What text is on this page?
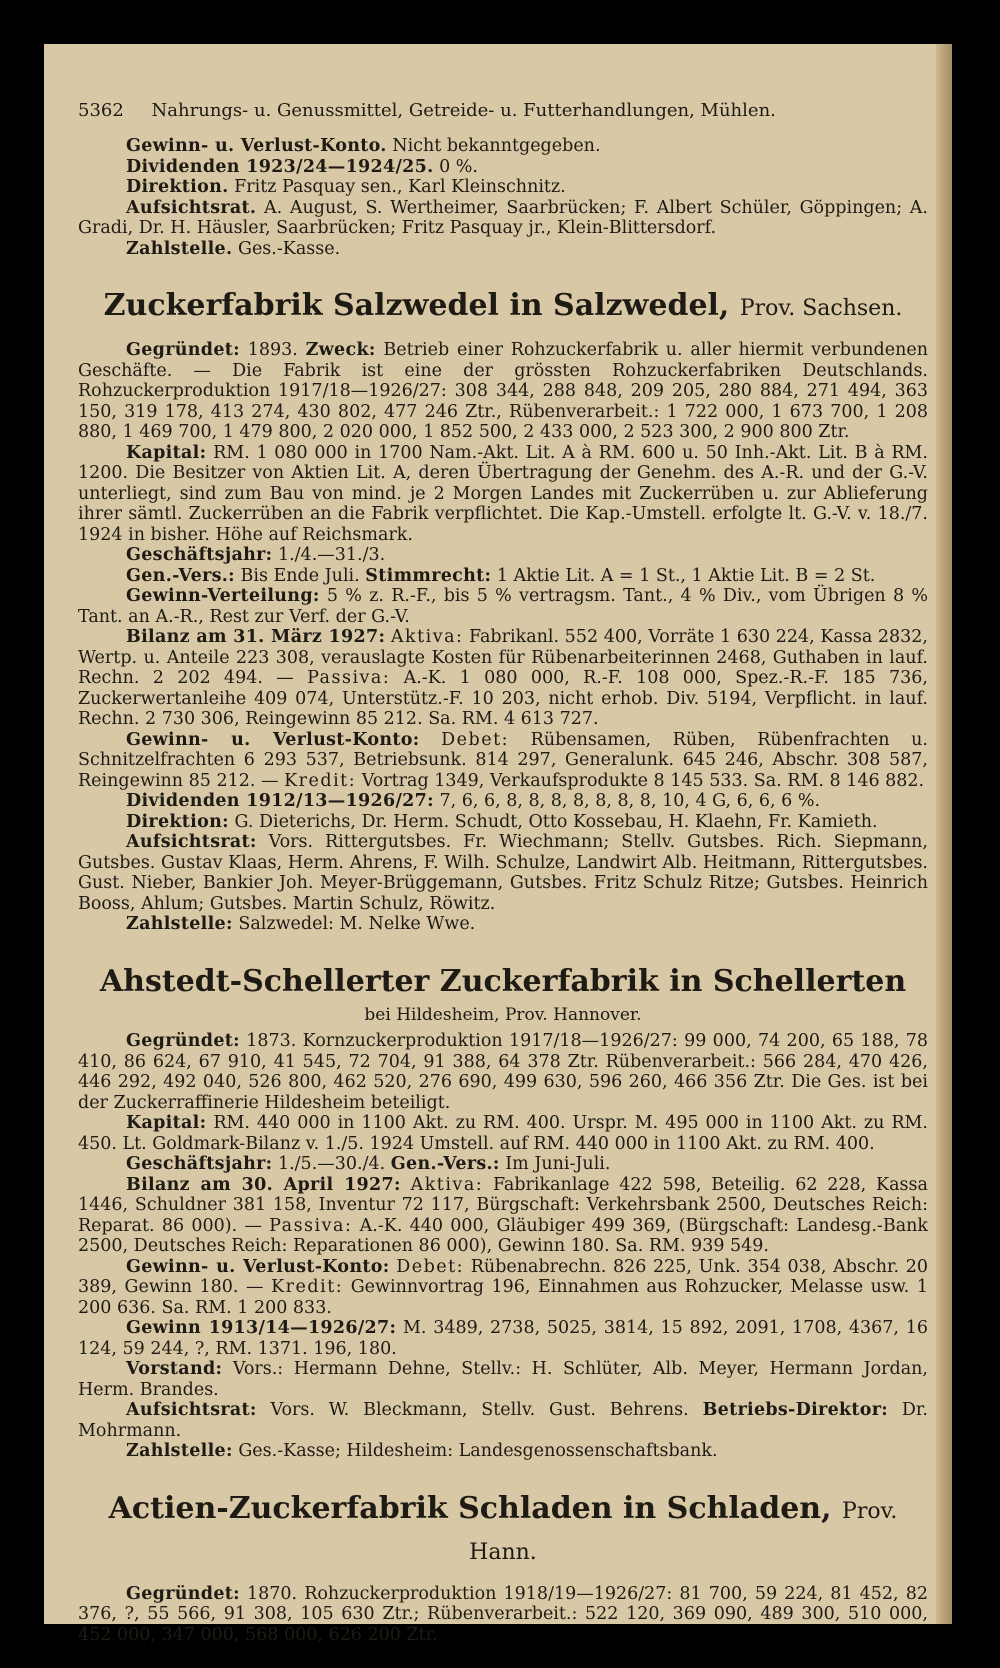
5362 Nahrungs- u. Genussmittel, Getreide- u. Futterhandlungen, Mühlen.

Gewinn- u. Verlust-Konto. Nicht bekanntgegeben.

Dividenden 1923/24—1924/25. 0 %.

Direktion. Fritz Pasquay sen., Karl Kleinschnitz.

Aufsichtsrat. A. August, S. Wertheimer, Saarbrücken; F. Albert Schüler, Göppingen; A. Gradi, Dr. H. Häusler, Saarbrücken; Fritz Pasquay jr., Klein-Blittersdorf.

Zahlstelle. Ges.-Kasse.

Zuckerfabrik Salzwedel in Salzwedel, Prov. Sachsen.

Gegründet: 1893. Zweck: Betrieb einer Rohzuckerfabrik u. aller hiermit verbundenen Geschäfte. — Die Fabrik ist eine der grössten Rohzuckerfabriken Deutschlands. Rohzuckerproduktion 1917/18—1926/27: 308 344, 288 848, 209 205, 280 884, 271 494, 363 150, 319 178, 413 274, 430 802, 477 246 Ztr., Rübenverarbeit.: 1 722 000, 1 673 700, 1 208 880, 1 469 700, 1 479 800, 2 020 000, 1 852 500, 2 433 000, 2 523 300, 2 900 800 Ztr.

Kapital: RM. 1 080 000 in 1700 Nam.-Akt. Lit. A à RM. 600 u. 50 Inh.-Akt. Lit. B à RM. 1200. Die Besitzer von Aktien Lit. A, deren Übertragung der Genehm. des A.-R. und der G.-V. unterliegt, sind zum Bau von mind. je 2 Morgen Landes mit Zuckerrüben u. zur Ablieferung ihrer sämtl. Zuckerrüben an die Fabrik verpflichtet. Die Kap.-Umstell. erfolgte lt. G.-V. v. 18./7. 1924 in bisher. Höhe auf Reichsmark.

Geschäftsjahr: 1./4.—31./3.

Gen.-Vers.: Bis Ende Juli. Stimmrecht: 1 Aktie Lit. A = 1 St., 1 Aktie Lit. B = 2 St.

Gewinn-Verteilung: 5 % z. R.-F., bis 5 % vertragsm. Tant., 4 % Div., vom Übrigen 8 % Tant. an A.-R., Rest zur Verf. der G.-V.

Bilanz am 31. März 1927: Aktiva: Fabrikanl. 552 400, Vorräte 1 630 224, Kassa 2832, Wertp. u. Anteile 223 308, verauslagte Kosten für Rübenarbeiterinnen 2468, Guthaben in lauf. Rechn. 2 202 494. — Passiva: A.-K. 1 080 000, R.-F. 108 000, Spez.-R.-F. 185 736, Zuckerwertanleihe 409 074, Unterstütz.-F. 10 203, nicht erhob. Div. 5194, Verpflicht. in lauf. Rechn. 2 730 306, Reingewinn 85 212. Sa. RM. 4 613 727.

Gewinn- u. Verlust-Konto: Debet: Rübensamen, Rüben, Rübenfrachten u. Schnitzelfrachten 6 293 537, Betriebsunk. 814 297, Generalunk. 645 246, Abschr. 308 587, Reingewinn 85 212. — Kredit: Vortrag 1349, Verkaufsprodukte 8 145 533. Sa. RM. 8 146 882.

Dividenden 1912/13—1926/27: 7, 6, 6, 8, 8, 8, 8, 8, 8, 8, 10, 4 G, 6, 6, 6 %.

Direktion: G. Dieterichs, Dr. Herm. Schudt, Otto Kossebau, H. Klaehn, Fr. Kamieth.

Aufsichtsrat: Vors. Rittergutsbes. Fr. Wiechmann; Stellv. Gutsbes. Rich. Siepmann, Gutsbes. Gustav Klaas, Herm. Ahrens, F. Wilh. Schulze, Landwirt Alb. Heitmann, Rittergutsbes. Gust. Nieber, Bankier Joh. Meyer-Brüggemann, Gutsbes. Fritz Schulz Ritze; Gutsbes. Heinrich Booss, Ahlum; Gutsbes. Martin Schulz, Röwitz.

Zahlstelle: Salzwedel: M. Nelke Wwe.

Ahstedt-Schellerter Zuckerfabrik in Schellerten
bei Hildesheim, Prov. Hannover.

Gegründet: 1873. Kornzuckerproduktion 1917/18—1926/27: 99 000, 74 200, 65 188, 78 410, 86 624, 67 910, 41 545, 72 704, 91 388, 64 378 Ztr. Rübenverarbeit.: 566 284, 470 426, 446 292, 492 040, 526 800, 462 520, 276 690, 499 630, 596 260, 466 356 Ztr. Die Ges. ist bei der Zuckerraffinerie Hildesheim beteiligt.

Kapital: RM. 440 000 in 1100 Akt. zu RM. 400. Urspr. M. 495 000 in 1100 Akt. zu RM. 450. Lt. Goldmark-Bilanz v. 1./5. 1924 Umstell. auf RM. 440 000 in 1100 Akt. zu RM. 400.

Geschäftsjahr: 1./5.—30./4. Gen.-Vers.: Im Juni-Juli.

Bilanz am 30. April 1927: Aktiva: Fabrikanlage 422 598, Beteilig. 62 228, Kassa 1446, Schuldner 381 158, Inventur 72 117, Bürgschaft: Verkehrsbank 2500, Deutsches Reich: Reparat. 86 000). — Passiva: A.-K. 440 000, Gläubiger 499 369, (Bürgschaft: Landesg.-Bank 2500, Deutsches Reich: Reparationen 86 000), Gewinn 180. Sa. RM. 939 549.

Gewinn- u. Verlust-Konto: Debet: Rübenabrechn. 826 225, Unk. 354 038, Abschr. 20 389, Gewinn 180. — Kredit: Gewinnvortrag 196, Einnahmen aus Rohzucker, Melasse usw. 1 200 636. Sa. RM. 1 200 833.

Gewinn 1913/14—1926/27: M. 3489, 2738, 5025, 3814, 15 892, 2091, 1708, 4367, 16 124, 59 244, ?, RM. 1371. 196, 180.

Vorstand: Vors.: Hermann Dehne, Stellv.: H. Schlüter, Alb. Meyer, Hermann Jordan, Herm. Brandes.

Aufsichtsrat: Vors. W. Bleckmann, Stellv. Gust. Behrens. Betriebs-Direktor: Dr. Mohrmann.

Zahlstelle: Ges.-Kasse; Hildesheim: Landesgenossenschaftsbank.

Actien-Zuckerfabrik Schladen in Schladen, Prov. Hann.

Gegründet: 1870. Rohzuckerproduktion 1918/19—1926/27: 81 700, 59 224, 81 452, 82 376, ?, 55 566, 91 308, 105 630 Ztr.; Rübenverarbeit.: 522 120, 369 090, 489 300, 510 000, 452 000, 347 000, 568 000, 626 200 Ztr.
